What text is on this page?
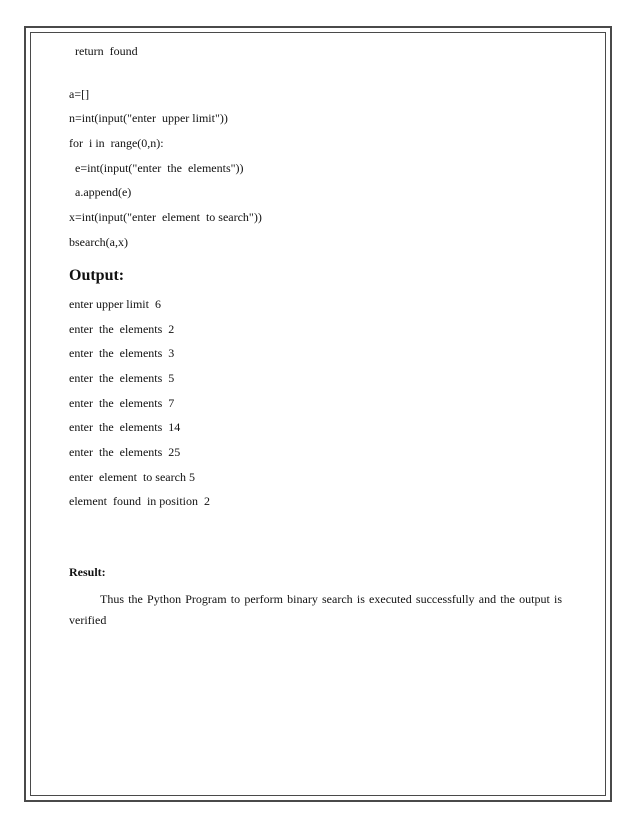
return  found
a=[]
n=int(input("enter  upper limit"))
for  i in  range(0,n):
e=int(input("enter  the  elements"))
a.append(e)
x=int(input("enter  element  to search"))
bsearch(a,x)
Output:
enter upper limit  6
enter  the  elements  2
enter  the  elements  3
enter  the  elements  5
enter  the  elements  7
enter  the  elements  14
enter  the  elements  25
enter  element  to search 5
element  found  in position  2
Result:
Thus the Python Program to perform binary search is executed successfully and the output is verified
